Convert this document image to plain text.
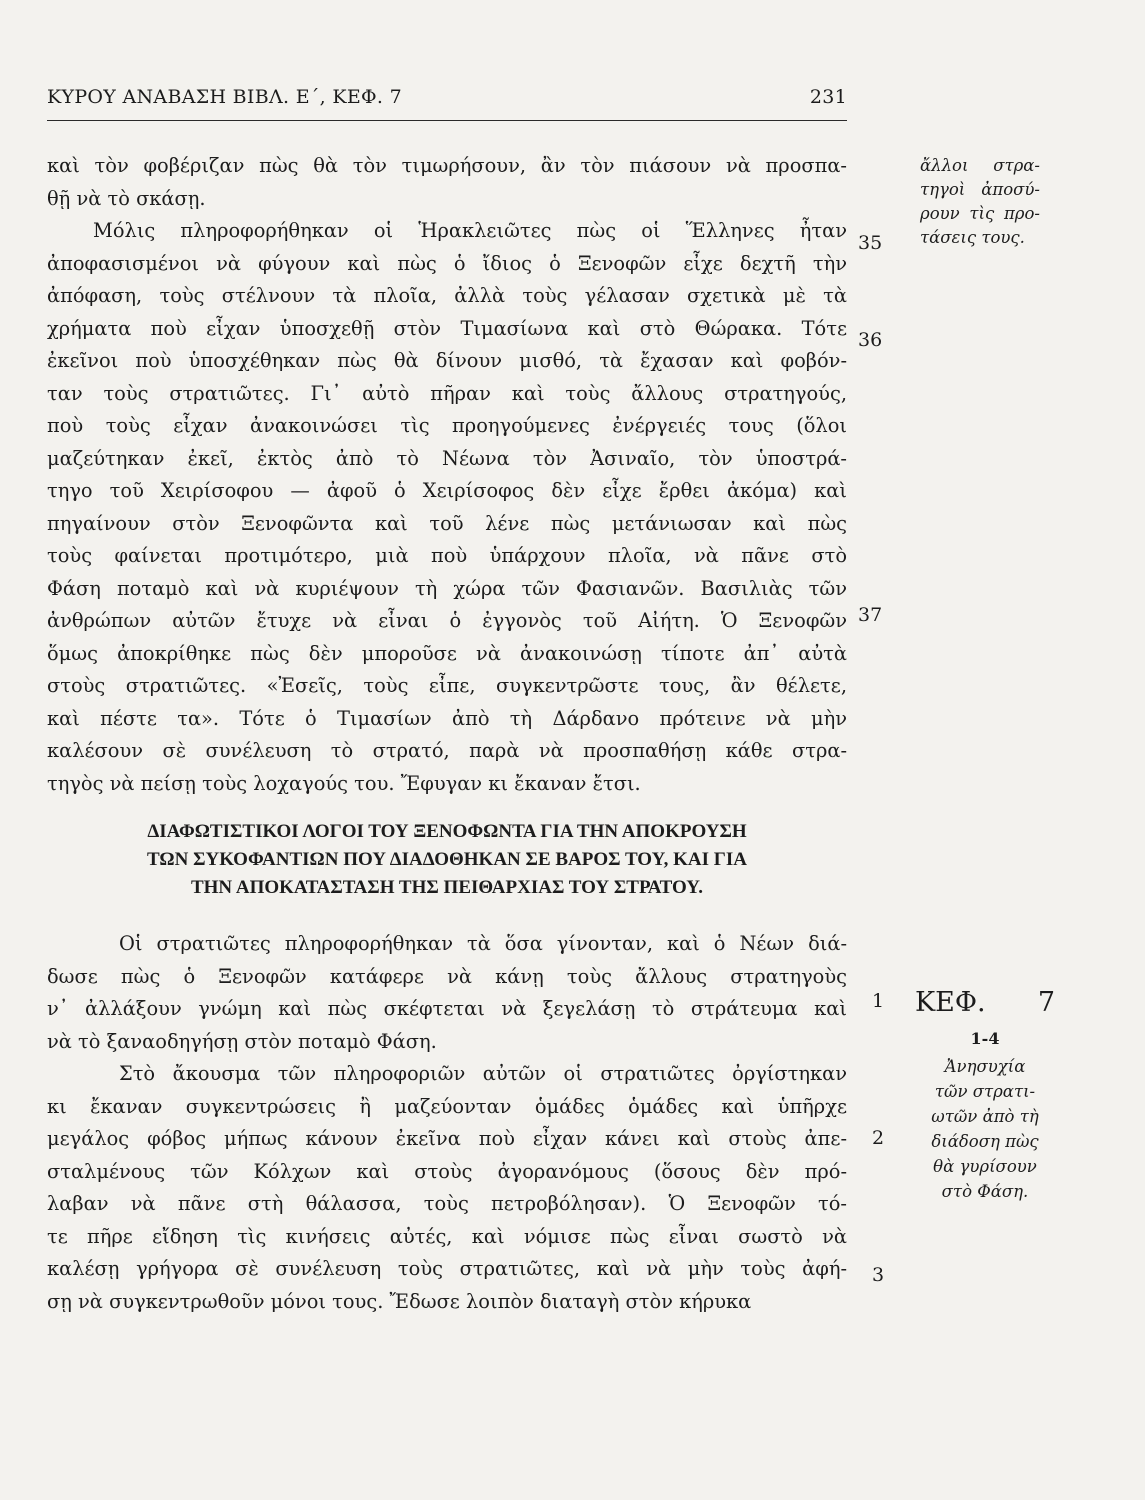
ΚΥΡΟΥ ΑΝΑΒΑΣΗ ΒΙΒΛ. Ε΄, ΚΕΦ. 7	231
καὶ τὸν φοβέριζαν πὼς θὰ τὸν τιμωρήσουν, ἂν τὸν πιάσουν νὰ προσπα-
θῇ νὰ τὸ σκάσῃ.
Μόλις πληροφορήθηκαν οἱ Ἡρακλειῶτες πὼς οἱ Ἕλληνες ἦταν
ἀποφασισμένοι νὰ φύγουν καὶ πὼς ὁ ἴδιος ὁ Ξενοφῶν εἶχε δεχτῆ τὴν
ἀπόφαση, τοὺς στέλνουν τὰ πλοῖα, ἀλλὰ τοὺς γέλασαν σχετικὰ μὲ τὰ
χρήματα ποὺ εἶχαν ὑποσχεθῇ στὸν Τιμασίωνα καὶ στὸ Θώρακα. Τότε
ἐκεῖνοι ποὺ ὑποσχέθηκαν πὼς θὰ δίνουν μισθό, τὰ ἔχασαν καὶ φοβόν-
ταν τοὺς στρατιῶτες. Γι᾿ αὐτὸ πῆραν καὶ τοὺς ἄλλους στρατηγούς,
ποὺ τοὺς εἶχαν ἀνακοινώσει τὶς προηγούμενες ἐνέργειές τους (ὅλοι
μαζεύτηκαν ἐκεῖ, ἐκτὸς ἀπὸ τὸ Νέωνα τὸν Ἀσιναῖο, τὸν ὑποστρά-
τηγο τοῦ Χειρίσοφου — ἀφοῦ ὁ Χειρίσοφος δὲν εἶχε ἔρθει ἀκόμα) καὶ
πηγαίνουν στὸν Ξενοφῶντα καὶ τοῦ λένε πὼς μετάνιωσαν καὶ πὼς
τοὺς φαίνεται προτιμότερο, μιὰ ποὺ ὑπάρχουν πλοῖα, νὰ πᾶνε στὸ
Φάση ποταμὸ καὶ νὰ κυριέψουν τὴ χώρα τῶν Φασιανῶν. Βασιλιὰς τῶν
ἀνθρώπων αὐτῶν ἔτυχε νὰ εἶναι ὁ ἐγγονὸς τοῦ Αἰήτη. Ὁ Ξενοφῶν
ὅμως ἀποκρίθηκε πὼς δὲν μποροῦσε νὰ ἀνακοινώσῃ τίποτε ἀπ᾿ αὐτὰ
στοὺς στρατιῶτες. «Ἐσεῖς, τοὺς εἶπε, συγκεντρῶστε τους, ἂν θέλετε,
καὶ πέστε τα». Τότε ὁ Τιμασίων ἀπὸ τὴ Δάρδανο πρότεινε νὰ μὴν
καλέσουν σὲ συνέλευση τὸ στρατό, παρὰ νὰ προσπαθήσῃ κάθε στρα-
τηγὸς νὰ πείσῃ τοὺς λοχαγούς του. Ἔφυγαν κι ἔκαναν ἔτσι.
ΔΙΑΦΩΤΙΣΤΙΚΟΙ ΛΟΓΟΙ ΤΟΥ ΞΕΝΟΦΩΝΤΑ ΓΙΑ ΤΗΝ ΑΠΟΚΡΟΥΣΗ
ΤΩΝ ΣΥΚΟΦΑΝΤΙΩΝ ΠΟΥ ΔΙΑΔΟΘΗΚΑΝ ΣΕ ΒΑΡΟΣ ΤΟΥ, ΚΑΙ ΓΙΑ
ΤΗΝ ΑΠΟΚΑΤΑΣΤΑΣΗ ΤΗΣ ΠΕΙΘΑΡΧΙΑΣ ΤΟΥ ΣΤΡΑΤΟΥ.
Οἱ στρατιῶτες πληροφορήθηκαν τὰ ὅσα γίνονταν, καὶ ὁ Νέων διά-
δωσε πὼς ὁ Ξενοφῶν κατάφερε νὰ κάνῃ τοὺς ἄλλους στρατηγοὺς
ν᾿ ἀλλάξουν γνώμη καὶ πὼς σκέφτεται νὰ ξεγελάσῃ τὸ στράτευμα καὶ
νὰ τὸ ξαναοδηγήσῃ στὸν ποταμὸ Φάση.
Στὸ ἄκουσμα τῶν πληροφοριῶν αὐτῶν οἱ στρατιῶτες ὀργίστηκαν
κι ἔκαναν συγκεντρώσεις ἢ μαζεύονταν ὁμάδες ὁμάδες καὶ ὑπῆρχε
μεγάλος φόβος μήπως κάνουν ἐκεῖνα ποὺ εἶχαν κάνει καὶ στοὺς ἀπε-
σταλμένους τῶν Κόλχων καὶ στοὺς ἀγορανόμους (ὅσους δὲν πρό-
λαβαν νὰ πᾶνε στὴ θάλασσα, τοὺς πετροβόλησαν). Ὁ Ξενοφῶν τό-
τε πῆρε εἴδηση τὶς κινήσεις αὐτές, καὶ νόμισε πὼς εἶναι σωστὸ νὰ
καλέσῃ γρήγορα σὲ συνέλευση τοὺς στρατιῶτες, καὶ νὰ μὴν τοὺς ἀφή-
σῃ νὰ συγκεντρωθοῦν μόνοι τους. Ἔδωσε λοιπὸν διαταγὴ στὸν κήρυκα
35
36
37
1
2
3
ἄλλοι στρα-
τηγοὶ ἀποσύ-
ρουν τὶς προ-
τάσεις τους.
ΚΕΦ. 7
1-4
Ἀνησυχία
τῶν στρατι-
ωτῶν ἀπὸ τὴ
διάδοση πὼς
θὰ γυρίσουν
στὸ Φάση.
